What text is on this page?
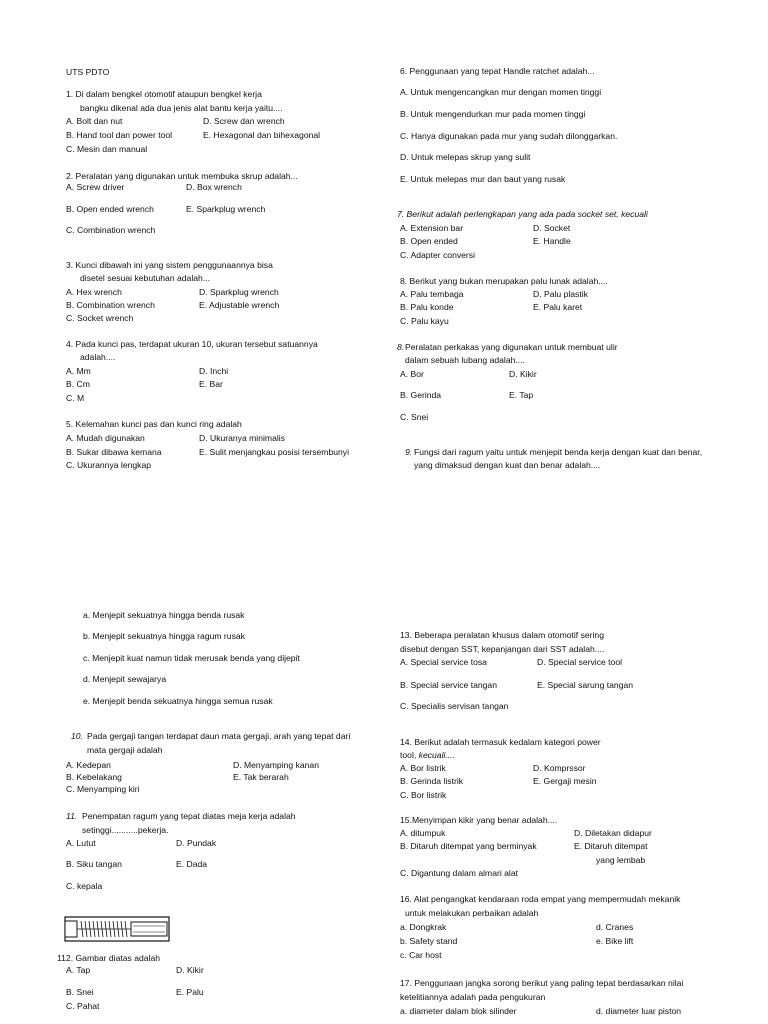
UTS PDTO
1. Di dalam bengkel otomotif ataupun bengkel kerja
bangku dikenal ada dua jenis alat bantu kerja yaitu....
A. Bolt dan nut	D. Screw dan wrench
B. Hand tool dan power tool	E. Hexagonal dan bihexagonal
C. Mesin dan manual
2. Peralatan yang digunakan untuk membuka skrup adalah...
A. Screw driver	D. Box wrench
B. Open ended wrench	E. Sparkplug wrench
C. Combination wrench
3. Kunci dibawah ini yang sistem penggunaannya bisa
disetel sesuai kebutuhan adalah...
A. Hex wrench	D. Sparkplug wrench
B. Combination wrench	E. Adjustable wrench
C. Socket wrench
4. Pada kunci pas, terdapat ukuran 10, ukuran tersebut satuannya
adalah....
A. Mm	D. Inchi
B. Cm	E. Bar
C. M
5. Kelemahan kunci pas dan kunci ring adalah
A. Mudah digunakan	D. Ukuranya minimalis
B. Sukar dibawa kemana	E. Sulit menjangkau posisi tersembunyi
C. Ukurannya lengkap
a. Menjepit sekuatnya hingga benda rusak
b. Menjepit sekuatnya hingga ragum rusak
c. Menjepit kuat namun tidak merusak benda yang dijepit
d. Menjepit sewajarya
e. Menjepit benda sekuatnya hingga semua rusak
10. Pada gergaji tangan terdapat daun mata gergaji, arah yang tepat dari
mata gergaji adalah
A. Kedepan	D. Menyamping kanan
B. Kebelakang	E. Tak berarah
C. Menyamping kiri
11. Penempatan ragum yang tepat diatas meja kerja adalah
setinggi...........pekerja.
A. Lutut	D. Pundak
B. Siku tangan	E. Dada
C. kepala
112. Gambar diatas adalah
A. Tap	D. Kikir
B. Snei	E. Palu
C. Pahat
6. Penggunaan yang tepat Handle ratchet adalah...
A. Untuk mengencangkan mur dengan momen tinggi
B. Untuk mengendurkan mur pada momen tinggi
C. Hanya digunakan pada mur yang sudah dilonggarkan.
D. Untuk melepas skrup yang sulit
E. Untuk melepas mur dan baut yang rusak
7. Berikut adalah perlengkapan yang ada pada socket set, kecuali
A. Extension bar	D. Socket
B. Open ended	E. Handle
C. Adapter conversi
8. Berikut yang bukan merupakan palu lunak adalah....
A. Palu tembaga	D. Palu plastik
B. Palu konde	E. Palu karet
C. Palu kayu
8. Peralatan perkakas yang digunakan untuk membuat ulir
dalam sebuah lubang adalah....
A. Bor	D. Kikir
B. Gerinda	E. Tap
C. Snei
9. Fungsi dari ragum yaitu untuk menjepit benda kerja dengan kuat dan benar,
yang dimaksud dengan kuat dan benar adalah....
13. Beberapa peralatan khusus dalam otomotif sering
disebut dengan SST, kepanjangan dari SST adalah....
A. Special service tosa	D. Special service tool
B. Special service tangan	E. Special sarung tangan
C. Specialis servisan tangan
14. Berikut adalah termasuk kedalam kategori power
tool, kecuali....
A. Bor listrik	D. Komprssor
B. Gerinda listrik	E. Gergaji mesin
C. Bor listrik
15.Menyimpan kikir yang benar adalah....
A. ditumpuk	D. Diletakan didapur
B. Ditaruh ditempat yang berminyak	E. Ditaruh ditempat
yang lembab
C. Digantung dalam almari alat
16. Alat pengangkat kendaraan roda empat yang mempermudah mekanik
untuk melakukan perbaikan adalah
a. Dongkrak	d. Cranes
b. Safety stand	e. Bike lift
c. Car host
17. Penggunaan jangka sorong berikut yang paling tepat berdasarkan nilai
ketelitiannya adalah pada pengukuran
a. diameter dalam blok silinder	d. diameter luar piston
